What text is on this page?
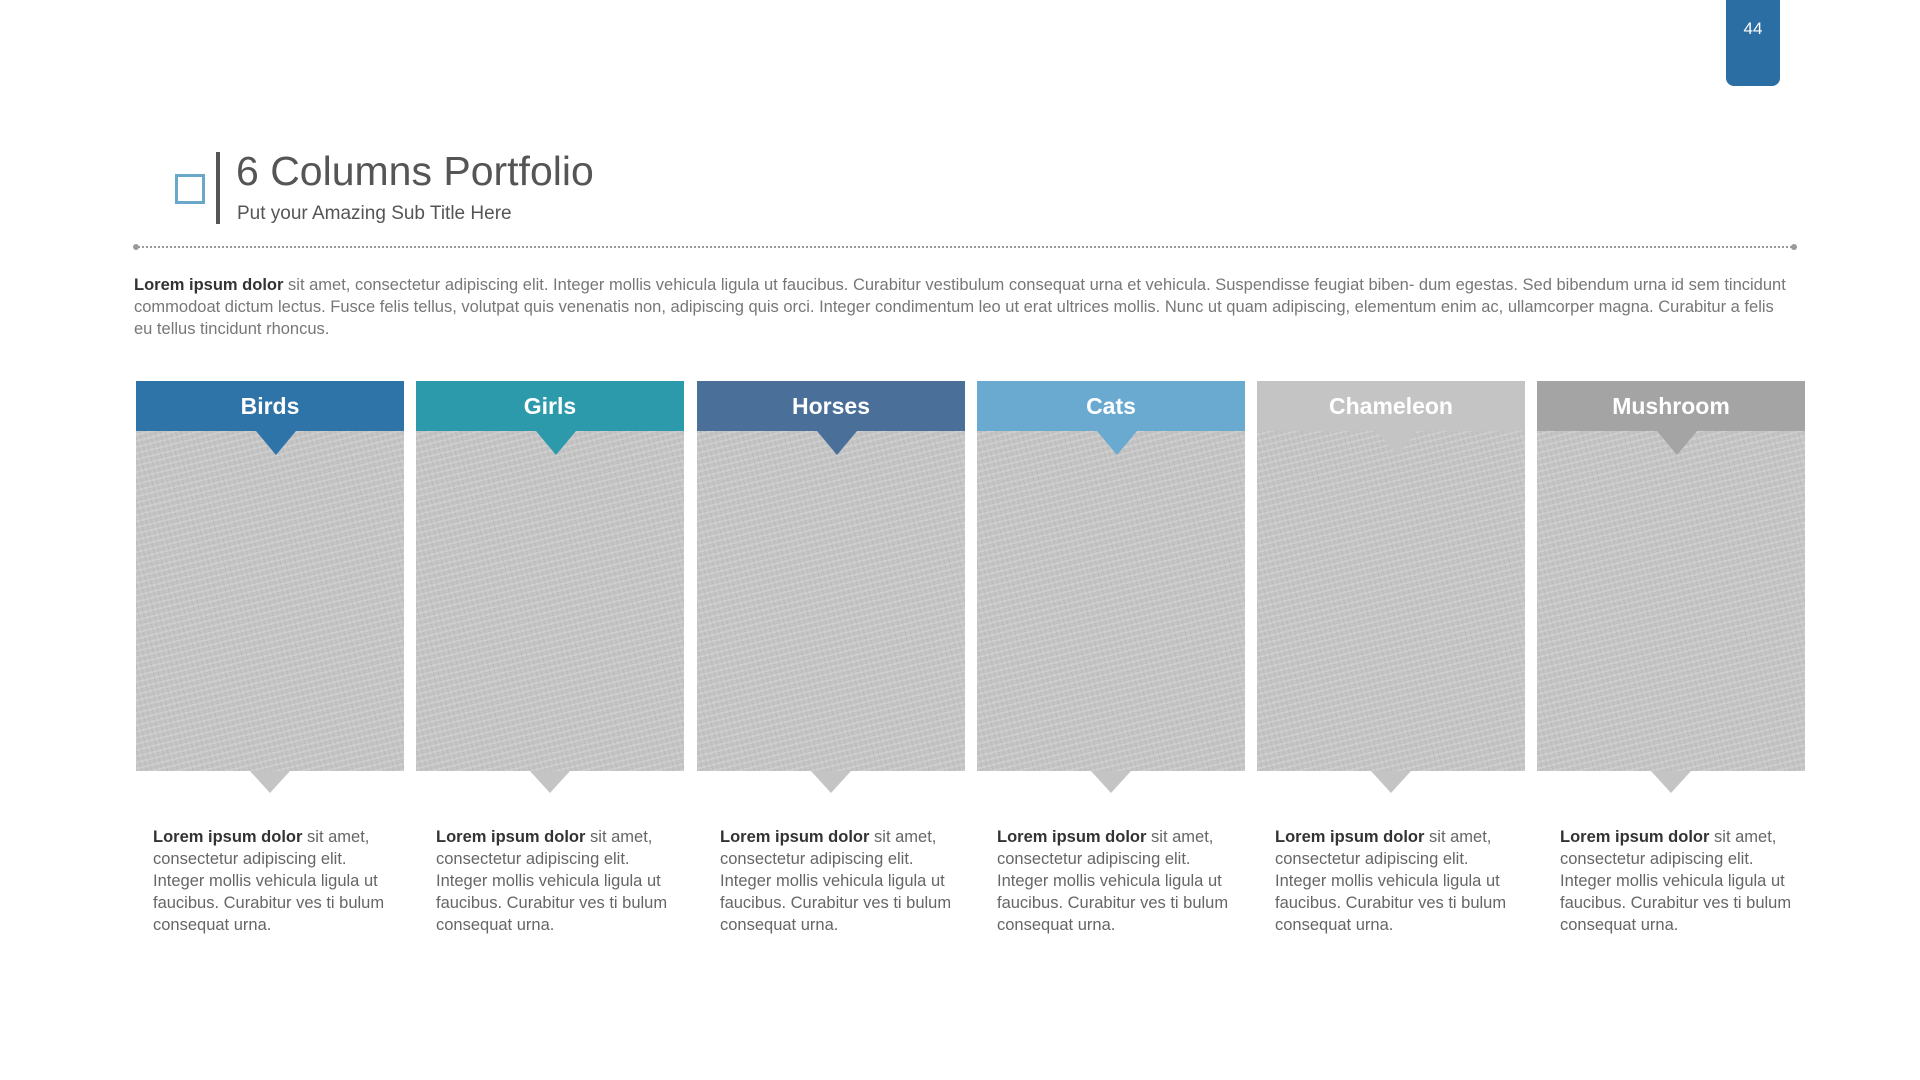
44
6 Columns Portfolio
Put your Amazing Sub Title Here
Lorem ipsum dolor sit amet, consectetur adipiscing elit. Integer mollis vehicula ligula ut faucibus. Curabitur vestibulum consequat urna et vehicula. Suspendisse feugiat biben- dum egestas. Sed bibendum urna id sem tincidunt commodoat dictum lectus. Fusce felis tellus, volutpat quis venenatis non, adipiscing quis orci. Integer condimentum leo ut erat ultrices mollis. Nunc ut quam adipiscing, elementum enim ac, ullamcorper magna. Curabitur a felis eu tellus tincidunt rhoncus.
Birds
Lorem ipsum dolor sit amet, consectetur adipiscing elit. Integer mollis vehicula ligula ut faucibus. Curabitur ves ti bulum consequat urna.
Girls
Lorem ipsum dolor sit amet, consectetur adipiscing elit. Integer mollis vehicula ligula ut faucibus. Curabitur ves ti bulum consequat urna.
Horses
Lorem ipsum dolor sit amet, consectetur adipiscing elit. Integer mollis vehicula ligula ut faucibus. Curabitur ves ti bulum consequat urna.
Cats
Lorem ipsum dolor sit amet, consectetur adipiscing elit. Integer mollis vehicula ligula ut faucibus. Curabitur ves ti bulum consequat urna.
Chameleon
Lorem ipsum dolor sit amet, consectetur adipiscing elit. Integer mollis vehicula ligula ut faucibus. Curabitur ves ti bulum consequat urna.
Mushroom
Lorem ipsum dolor sit amet, consectetur adipiscing elit. Integer mollis vehicula ligula ut faucibus. Curabitur ves ti bulum consequat urna.
